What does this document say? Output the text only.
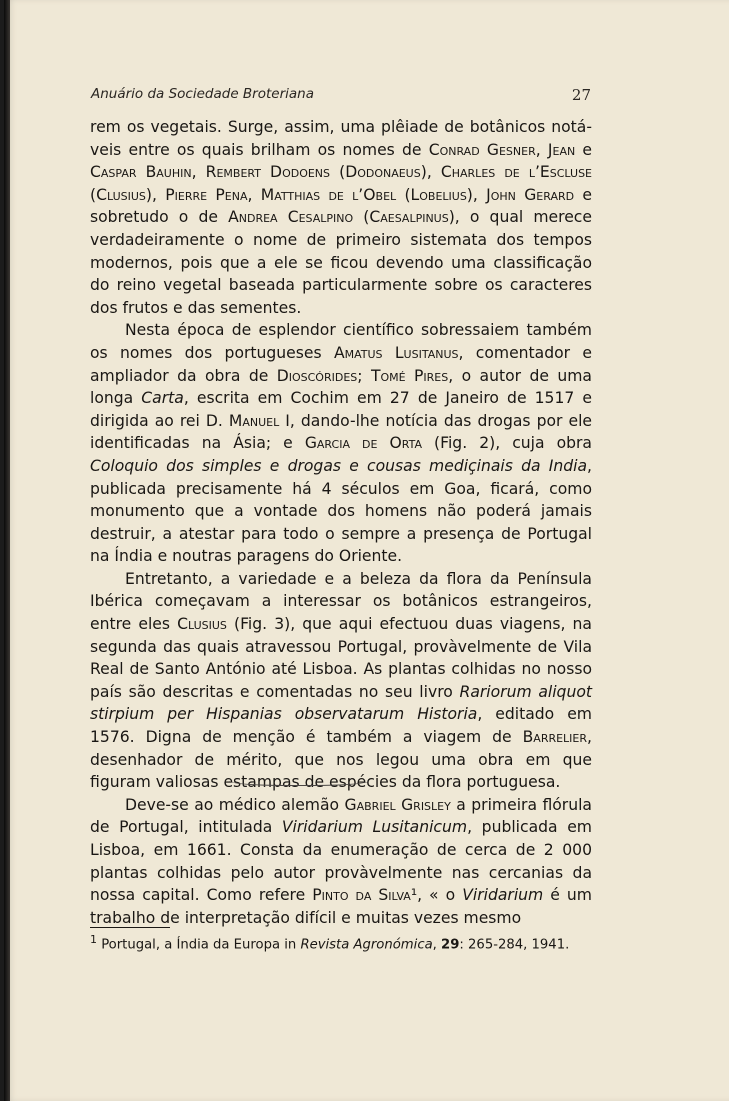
Anuário da Sociedade Broteriana	27

rem os vegetais. Surge, assim, uma plêiade de botânicos notáveis entre os quais brilham os nomes de Conrad Gesner, Jean e Caspar Bauhin, Rembert Dodoens (Dodonaeus), Charles de l’Escluse (Clusius), Pierre Pena, Matthias de l’Obel (Lobelius), John Gerard e sobretudo o de Andrea Cesalpino (Caesalpinus), o qual merece verdadeiramente o nome de primeiro sistemata dos tempos modernos, pois que a ele se ficou devendo uma classificação do reino vegetal baseada particularmente sobre os caracteres dos frutos e das sementes.

Nesta época de esplendor científico sobressaiem também os nomes dos portugueses Amatus Lusitanus, comentador e ampliador da obra de Dioscórides; Tomé Pires, o autor de uma longa Carta, escrita em Cochim em 27 de Janeiro de 1517 e dirigida ao rei D. Manuel I, dando-lhe notícia das drogas por ele identificadas na Ásia; e Garcia de Orta (Fig. 2), cuja obra Coloquio dos simples e drogas e cousas mediçinais da India, publicada precisamente há 4 séculos em Goa, ficará, como monumento que a vontade dos homens não poderá jamais destruir, a atestar para todo o sempre a presença de Portugal na Índia e noutras paragens do Oriente.

Entretanto, a variedade e a beleza da flora da Península Ibérica começavam a interessar os botânicos estrangeiros, entre eles Clusius (Fig. 3), que aqui efectuou duas viagens, na segunda das quais atravessou Portugal, provàvelmente de Vila Real de Santo António até Lisboa. As plantas colhidas no nosso país são descritas e comentadas no seu livro Rariorum aliquot stirpium per Hispanias observatarum Historia, editado em 1576. Digna de menção é também a viagem de Barrelier, desenhador de mérito, que nos legou uma obra em que figuram valiosas estampas de espécies da flora portuguesa.

Deve-se ao médico alemão Gabriel Grisley a primeira flórula de Portugal, intitulada Viridarium Lusitanicum, publicada em Lisboa, em 1661. Consta da enumeração de cerca de 2 000 plantas colhidas pelo autor provàvelmente nas cercanias da nossa capital. Como refere Pinto da Silva¹, « o Viridarium é um trabalho de interpretação difícil e muitas vezes mesmo

$^1$ Portugal, a Índia da Europa in Revista Agronómica, 29: 265-284, 1941.
